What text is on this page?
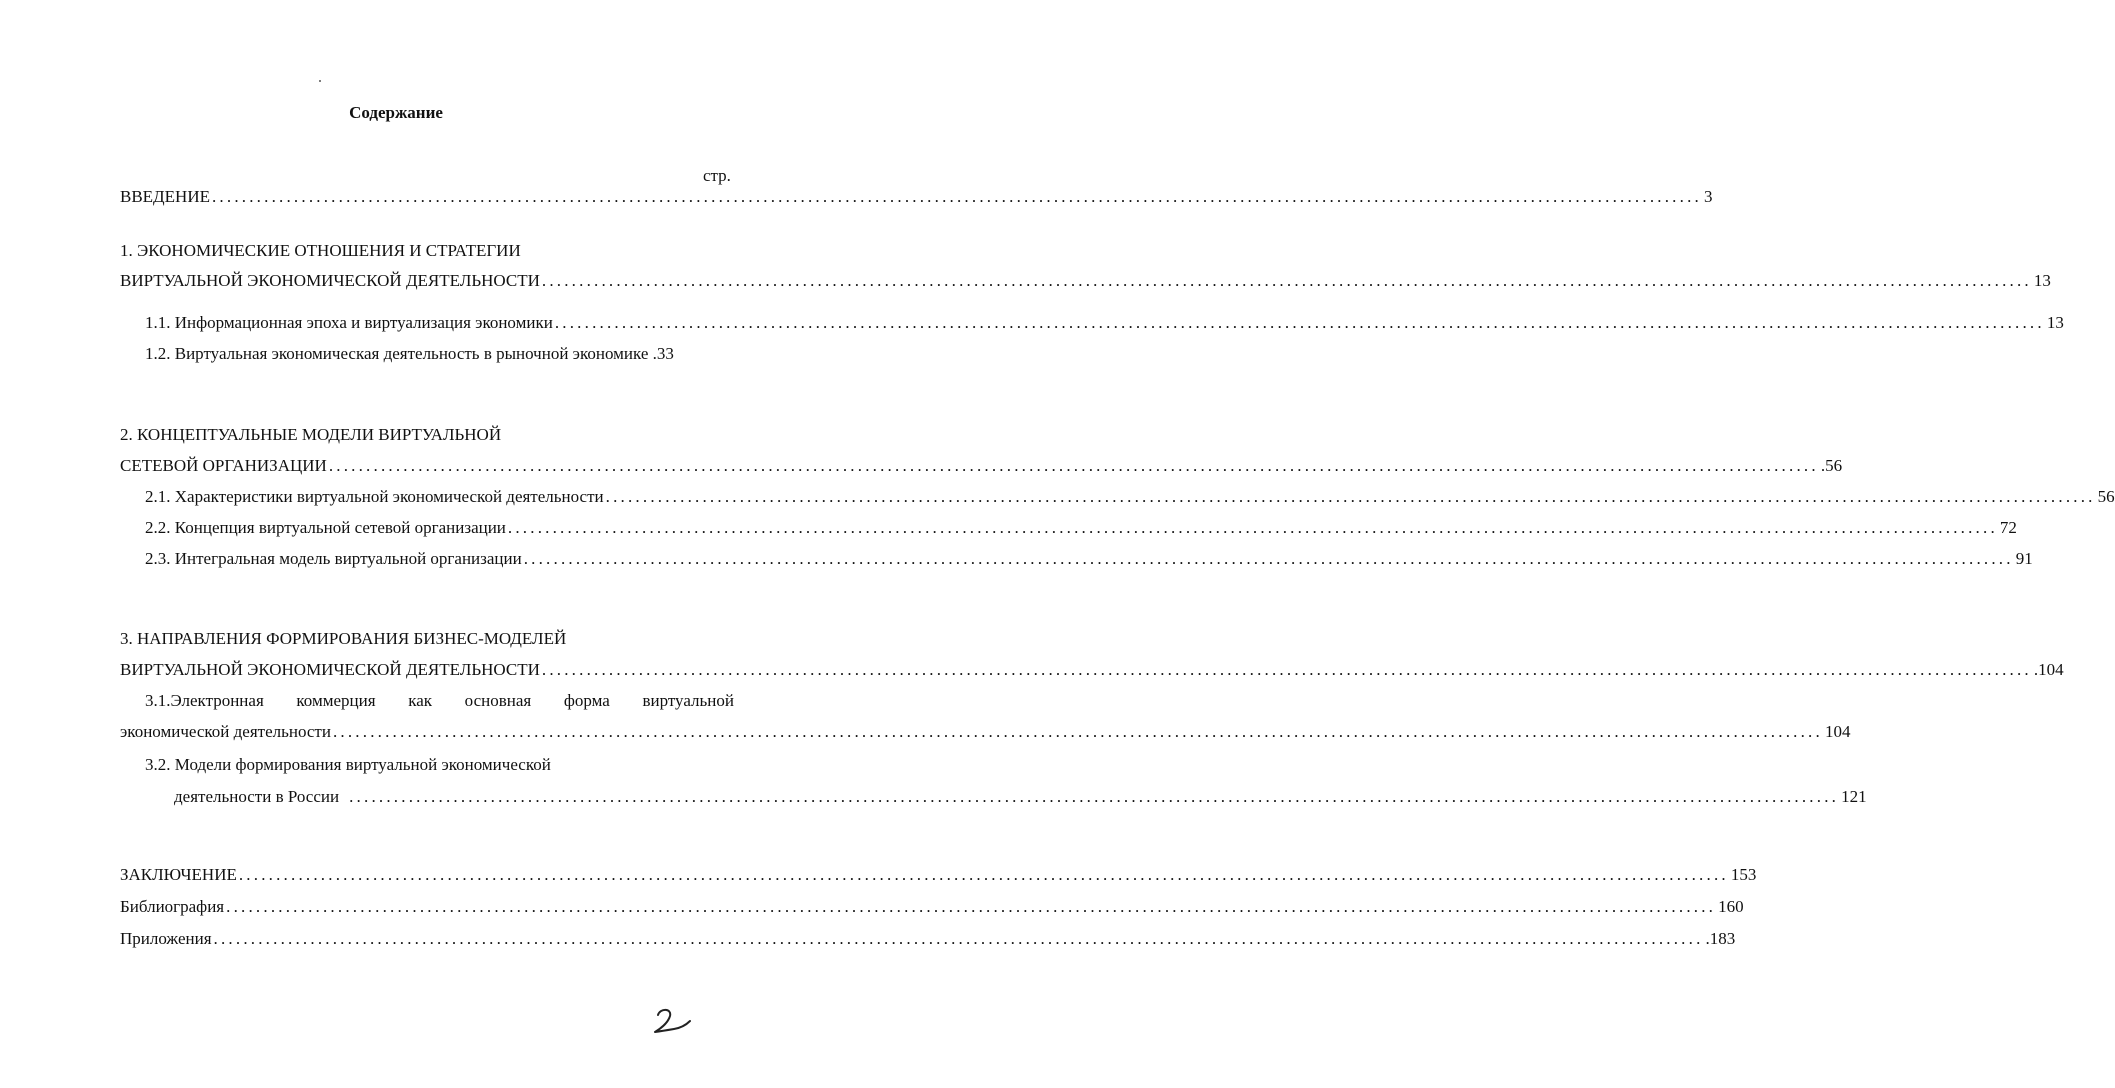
Содержание
стр.
ВВЕДЕНИЕ ........................................................................................................................................................................................................ 3
1. ЭКОНОМИЧЕСКИЕ ОТНОШЕНИЯ И СТРАТЕГИИ
ВИРТУАЛЬНОЙ ЭКОНОМИЧЕСКОЙ ДЕЯТЕЛЬНОСТИ ........................................................................................................................................................................................................ 13
1.1. Информационная эпоха и виртуализация экономики ........................................................................................................................................................................................................ 13
1.2. Виртуальная экономическая деятельность в рыночной экономике .33
2. КОНЦЕПТУАЛЬНЫЕ МОДЕЛИ ВИРТУАЛЬНОЙ
СЕТЕВОЙ ОРГАНИЗАЦИИ ........................................................................................................................................................................................................ .56
2.1. Характеристики виртуальной экономической деятельности ........................................................................................................................................................................................................ 56
2.2. Концепция виртуальной сетевой организации ........................................................................................................................................................................................................ 72
2.3. Интегральная модель виртуальной организации ........................................................................................................................................................................................................ 91
3. НАПРАВЛЕНИЯ ФОРМИРОВАНИЯ БИЗНЕС-МОДЕЛЕЙ
ВИРТУАЛЬНОЙ ЭКОНОМИЧЕСКОЙ ДЕЯТЕЛЬНОСТИ ........................................................................................................................................................................................................ .104
3.1.Электронная коммерция как основная форма виртуальной
экономической деятельности ........................................................................................................................................................................................................ 104
3.2. Модели формирования виртуальной экономической
деятельности в России ........................................................................................................................................................................................................ 121
ЗАКЛЮЧЕНИЕ ........................................................................................................................................................................................................ 153
Библиография ........................................................................................................................................................................................................ 160
Приложения ........................................................................................................................................................................................................ .183
